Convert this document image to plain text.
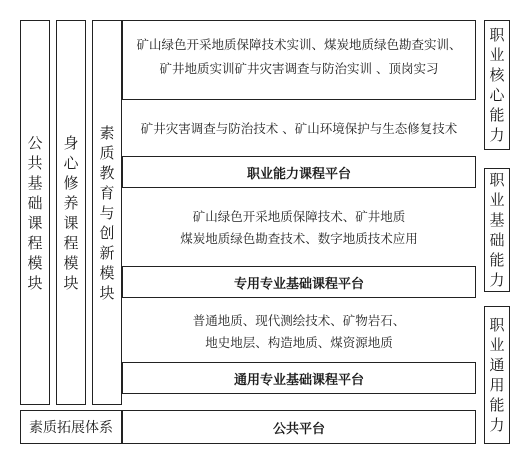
公
共
基
础
课
程
模
块
身
心
修
养
课
程
模
块
素
质
教
育
与
创
新
模
块
素质拓展体系
矿山绿色开采地质保障技术实训、煤炭地质绿色勘查实训、
矿井地质实训矿井灾害调查与防治实训 、顶岗实习
矿井灾害调查与防治技术 、矿山环境保护与生态修复技术
职业能力课程平台
矿山绿色开采地质保障技术、矿井地质
煤炭地质绿色勘查技术、数字地质技术应用
专用专业基础课程平台
普通地质、现代测绘技术、矿物岩石、
地史地层、构造地质、煤资源地质
通用专业基础课程平台
公共平台
职
业
核
心
能
力
职
业
基
础
能
力
职
业
通
用
能
力
